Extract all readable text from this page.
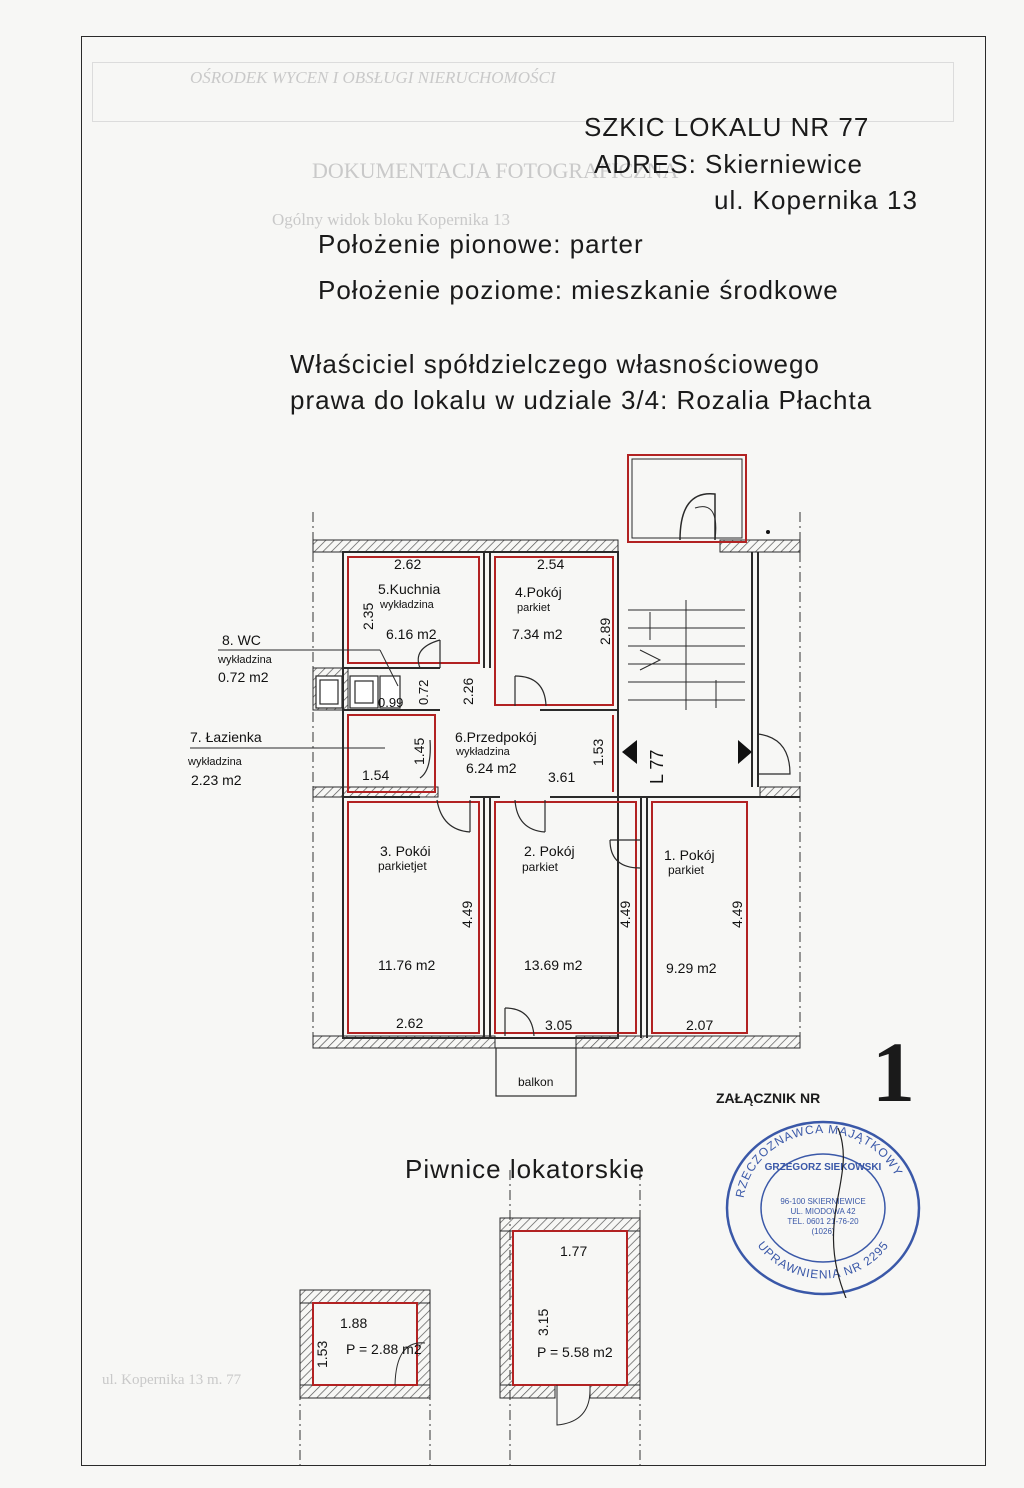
OŚRODEK WYCEN I OBSŁUGI NIERUCHOMOŚCI
DOKUMENTACJA FOTOGRAFICZNA
Ogólny widok bloku Kopernika 13
ul. Kopernika 13 m. 77
SZKIC LOKALU NR 77
ADRES: Skierniewice
ul. Kopernika 13
Położenie pionowe: parter
Położenie poziome: mieszkanie środkowe
Właściciel spółdzielczego własnościowego
prawa do lokalu w udziale 3/4: Rozalia Płachta
2.62
5.Kuchnia
wykładzina
6.16 m2
2.35
2.54
4.Pokój
parkiet
7.34 m2 2.89
8. WC
wykładzina
0.72 m2
0.99 0.72
7. Łazienka
wykładzina
2.23 m2	1.54
1.45
6.Przedpokój
wykładzina
6.24 m2
3.61
1.53
2.26
L 77
3. Pokói
parkietjet
11.76 m2
2.62
4.49
2. Pokój
parkiet
13.69 m2
3.05
4.49
1. Pokój
parkiet
9.29 m2
2.07
4.49
balkon
1.88
1.53 P = 2.88 m2
1.77
3.15
P = 5.58 m2
Piwnice lokatorskie
1
ZAŁĄCZNIK NR
RZECZOZNAWCA MAJĄTKOWY
UPRAWNIENIA NR 2295
GRZEGORZ SIEKOWSKI
96-100 SKIERNIEWICE
UL. MIODOWA 42
TEL. 0601 21-76-20
(1026)
